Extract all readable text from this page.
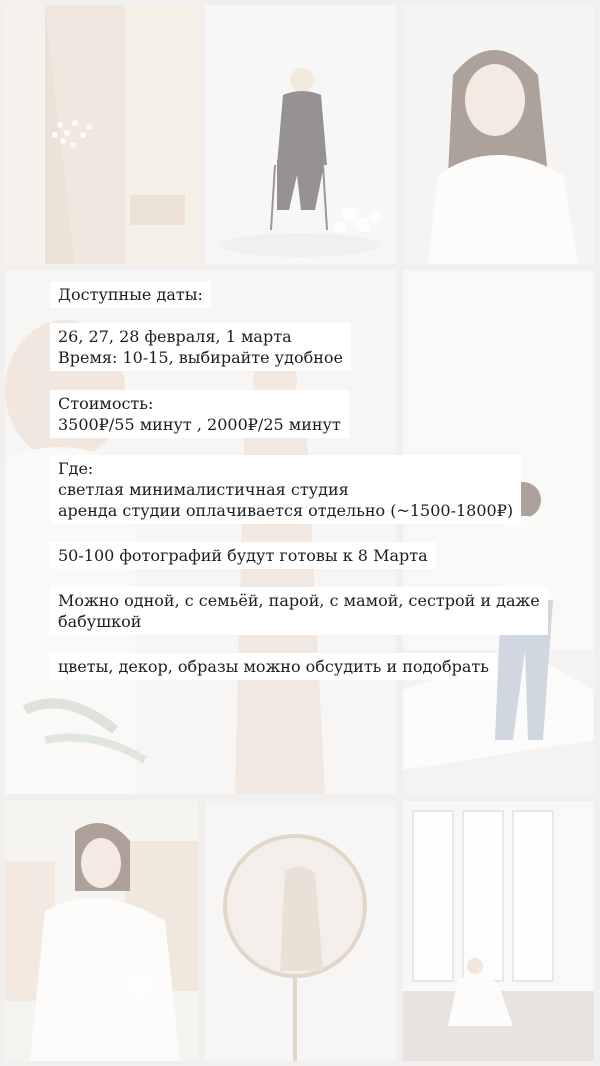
Доступные даты:
26, 27, 28 февраля, 1 марта
Время: 10-15, выбирайте удобное
Стоимость:
3500₽/55 минут , 2000₽/25 минут
Где:
светлая минималистичная студия
аренда студии оплачивается отдельно (~1500-1800₽)
50-100 фотографий будут готовы к 8 Марта
Можно одной, с семьёй, парой, с мамой, сестрой и даже
бабушкой
цветы, декор, образы можно обсудить и подобрать
